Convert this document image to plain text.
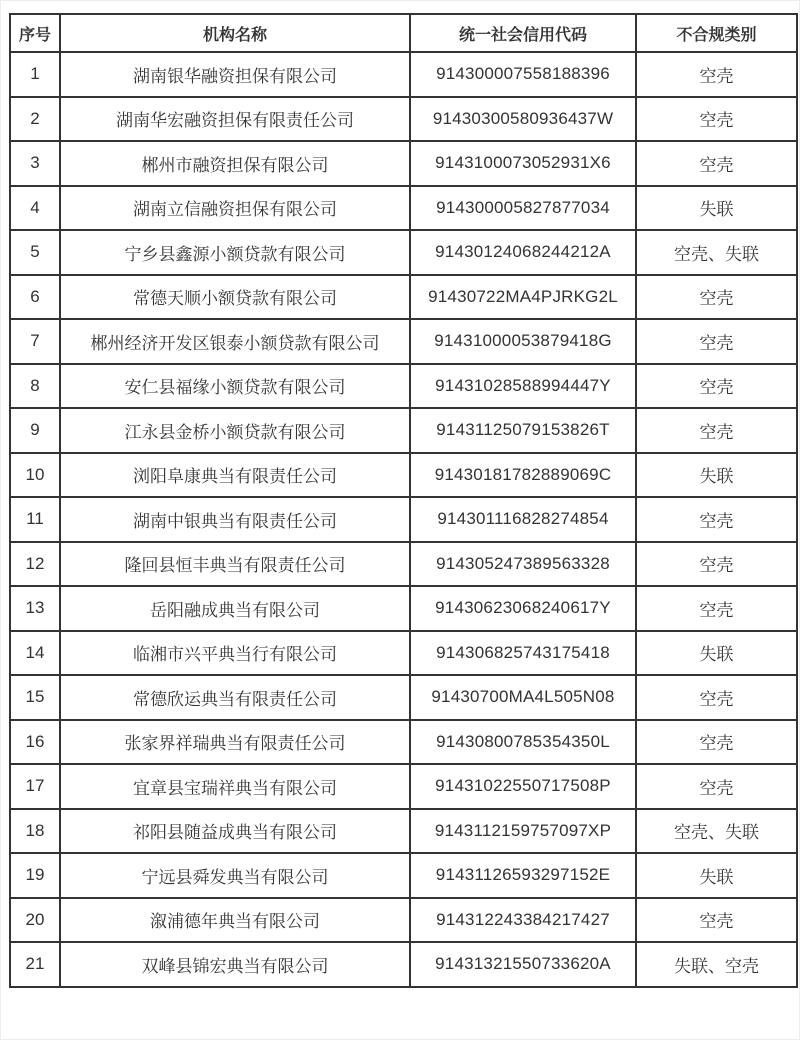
序号	机构名称	统一社会信用代码	不合规类别
1	湖南银华融资担保有限公司	914300007558188396	空壳
2	湖南华宏融资担保有限责任公司	91430300580936437W	空壳
3	郴州市融资担保有限公司	9143100073052931X6	空壳
4	湖南立信融资担保有限公司	914300005827877034	失联
5	宁乡县鑫源小额贷款有限公司	91430124068244212A	空壳、失联
6	常德天顺小额贷款有限公司	91430722MA4PJRKG2L	空壳
7	郴州经济开发区银泰小额贷款有限公司	91431000053879418G	空壳
8	安仁县福缘小额贷款有限公司	91431028588994447Y	空壳
9	江永县金桥小额贷款有限公司	91431125079153826T	空壳
10	浏阳阜康典当有限责任公司	91430181782889069C	失联
11	湖南中银典当有限责任公司	914301116828274854	空壳
12	隆回县恒丰典当有限责任公司	914305247389563328	空壳
13	岳阳融成典当有限公司	91430623068240617Y	空壳
14	临湘市兴平典当行有限公司	914306825743175418	失联
15	常德欣运典当有限责任公司	91430700MA4L505N08	空壳
16	张家界祥瑞典当有限责任公司	91430800785354350L	空壳
17	宜章县宝瑞祥典当有限公司	91431022550717508P	空壳
18	祁阳县随益成典当有限公司	9143112159757097XP	空壳、失联
19	宁远县舜发典当有限公司	91431126593297152E	失联
20	溆浦德年典当有限公司	914312243384217427	空壳
21	双峰县锦宏典当有限公司	91431321550733620A	失联、空壳
